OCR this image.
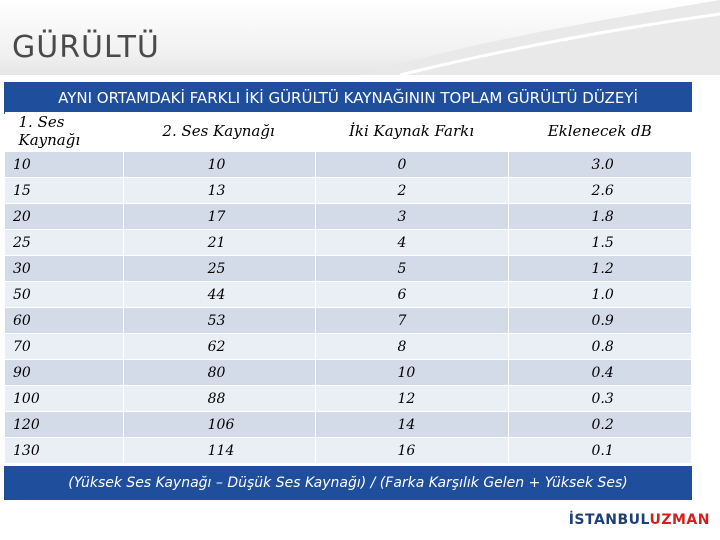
GÜRÜLTÜ
AYNI ORTAMDAKİ FARKLI İKİ GÜRÜLTÜ KAYNAĞININ TOPLAM GÜRÜLTÜ DÜZEYİ
1. Ses Kaynağı	2. Ses Kaynağı	İki Kaynak Farkı	Eklenecek dB
10	10	0	3.0
15	13	2	2.6
20	17	3	1.8
25	21	4	1.5
30	25	5	1.2
50	44	6	1.0
60	53	7	0.9
70	62	8	0.8
90	80	10	0.4
100	88	12	0.3
120	106	14	0.2
130	114	16	0.1
(Yüksek Ses Kaynağı – Düşük Ses Kaynağı) / (Farka Karşılık Gelen + Yüksek Ses)
İSTANBULUZMAN
